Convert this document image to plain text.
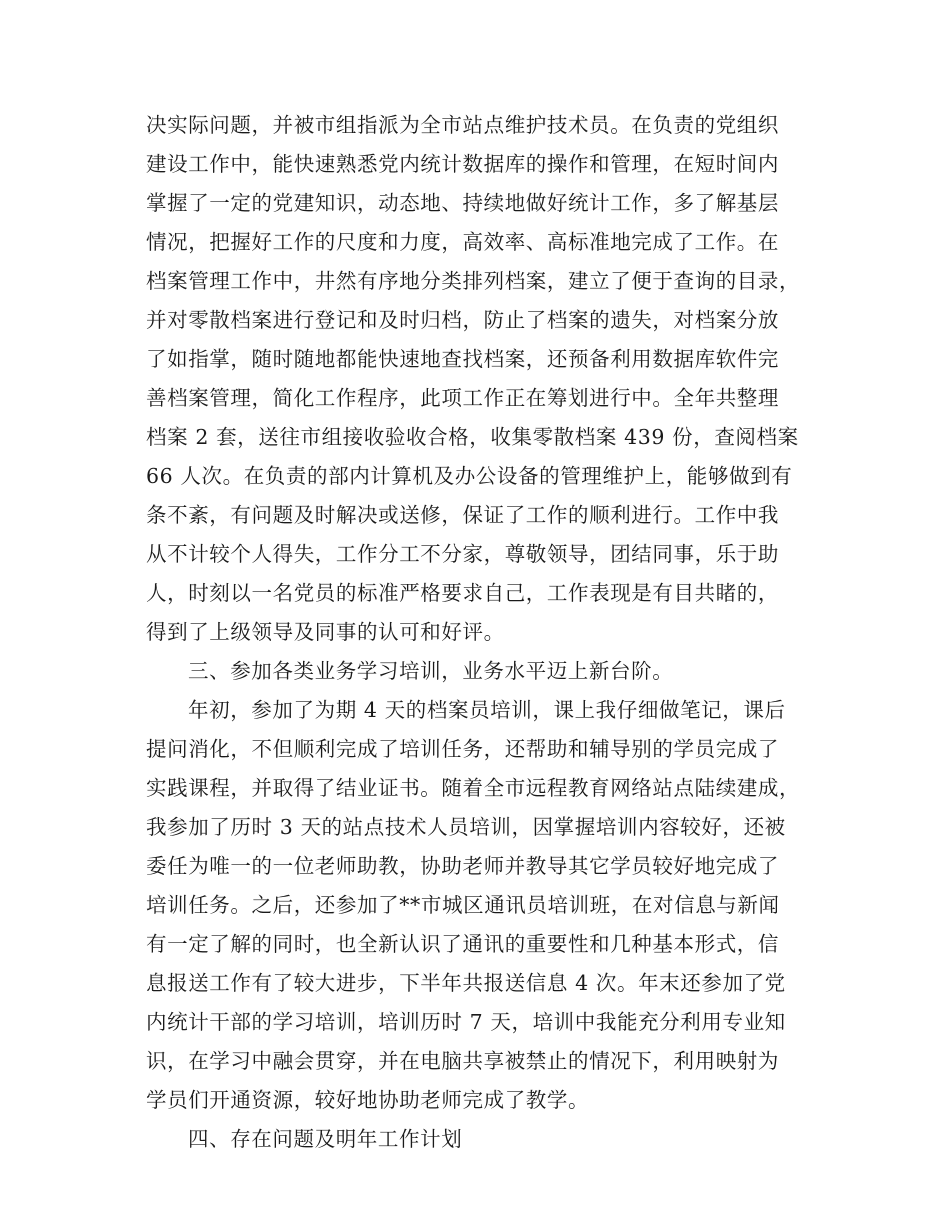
决实际问题，并被市组指派为全市站点维护技术员。在负责的党组织
建设工作中，能快速熟悉党内统计数据库的操作和管理，在短时间内
掌握了一定的党建知识，动态地、持续地做好统计工作，多了解基层
情况，把握好工作的尺度和力度，高效率、高标准地完成了工作。在
档案管理工作中，井然有序地分类排列档案，建立了便于查询的目录，
并对零散档案进行登记和及时归档，防止了档案的遗失，对档案分放
了如指掌，随时随地都能快速地查找档案，还预备利用数据库软件完
善档案管理，简化工作程序，此项工作正在筹划进行中。全年共整理
档案 2 套，送往市组接收验收合格，收集零散档案 439 份，查阅档案
66 人次。在负责的部内计算机及办公设备的管理维护上，能够做到有
条不紊，有问题及时解决或送修，保证了工作的顺利进行。工作中我
从不计较个人得失，工作分工不分家，尊敬领导，团结同事，乐于助
人，时刻以一名党员的标准严格要求自己，工作表现是有目共睹的，
得到了上级领导及同事的认可和好评。
三、参加各类业务学习培训，业务水平迈上新台阶。
年初，参加了为期 4 天的档案员培训，课上我仔细做笔记，课后
提问消化，不但顺利完成了培训任务，还帮助和辅导别的学员完成了
实践课程，并取得了结业证书。随着全市远程教育网络站点陆续建成，
我参加了历时 3 天的站点技术人员培训，因掌握培训内容较好，还被
委任为唯一的一位老师助教，协助老师并教导其它学员较好地完成了
培训任务。之后，还参加了**市城区通讯员培训班，在对信息与新闻
有一定了解的同时，也全新认识了通讯的重要性和几种基本形式，信
息报送工作有了较大进步，下半年共报送信息 4 次。年末还参加了党
内统计干部的学习培训，培训历时 7 天，培训中我能充分利用专业知
识，在学习中融会贯穿，并在电脑共享被禁止的情况下，利用映射为
学员们开通资源，较好地协助老师完成了教学。
四、存在问题及明年工作计划
